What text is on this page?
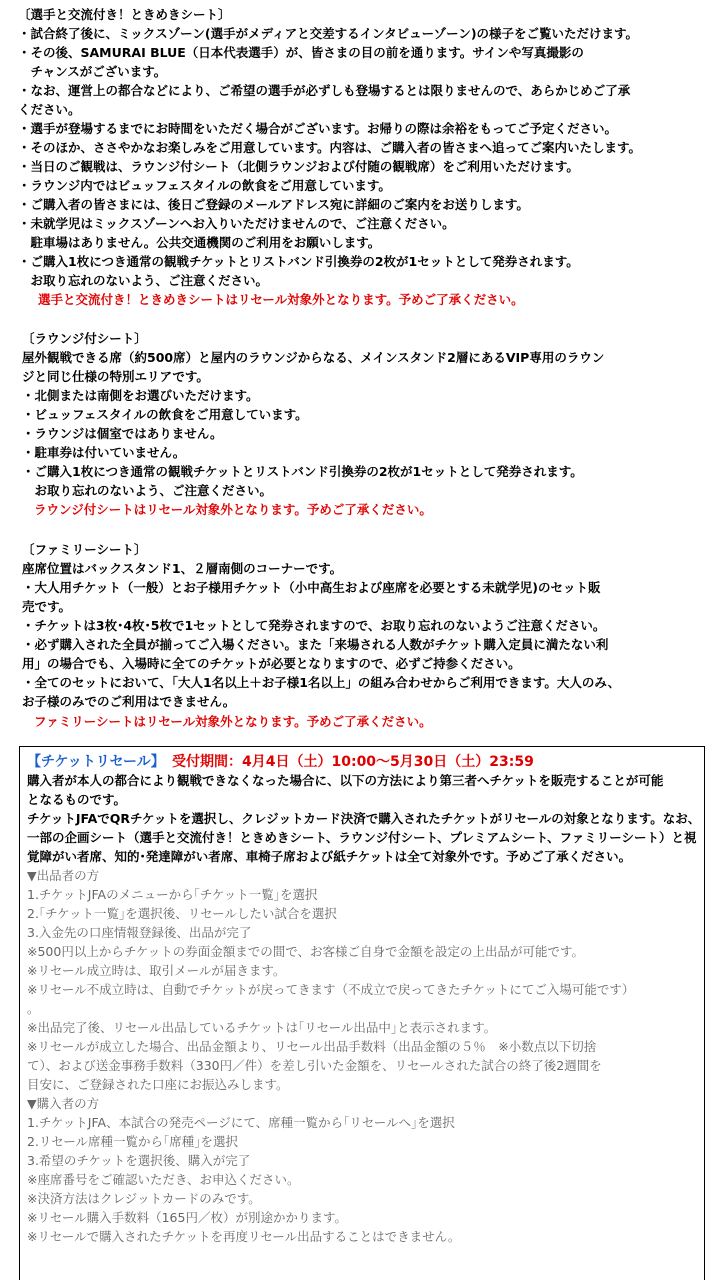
〔選手と交流付き！ときめきシート〕
・試合終了後に、ミックスゾーン(選手がメディアと交差するインタビューゾーン)の様子をご覧いただけます。
・その後、SAMURAI BLUE（日本代表選手）が、皆さまの目の前を通ります。サインや写真撮影の
　チャンスがございます。
・なお、運営上の都合などにより、ご希望の選手が必ずしも登場するとは限りませんので、あらかじめご了承
ください。
・選手が登場するまでにお時間をいただく場合がございます。お帰りの際は余裕をもってご予定ください。
・そのほか、ささやかなお楽しみをご用意しています。内容は、ご購入者の皆さまへ追ってご案内いたします。
・当日のご観戦は、ラウンジ付シート（北側ラウンジおよび付随の観戦席）をご利用いただけます。
・ラウンジ内ではビュッフェスタイルの飲食をご用意しています。
・ご購入者の皆さまには、後日ご登録のメールアドレス宛に詳細のご案内をお送りします。
・未就学児はミックスゾーンへお入りいただけませんので、ご注意ください。
　駐車場はありません。公共交通機関のご利用をお願いします。
・ご購入1枚につき通常の観戦チケットとリストバンド引換券の2枚が1セットとして発券されます。
　お取り忘れのないよう、ご注意ください。
選手と交流付き！ときめきシートはリセール対象外となります。予めご了承ください。
〔ラウンジ付シート〕
屋外観戦できる席（約500席）と屋内のラウンジからなる、メインスタンド2層にあるVIP専用のラウン
ジと同じ仕様の特別エリアです。
・北側または南側をお選びいただけます。
・ビュッフェスタイルの飲食をご用意しています。
・ラウンジは個室ではありません。
・駐車券は付いていません。
・ご購入1枚につき通常の観戦チケットとリストバンド引換券の2枚が1セットとして発券されます。
　お取り忘れのないよう、ご注意ください。
ラウンジ付シートはリセール対象外となります。予めご了承ください。
〔ファミリーシート〕
座席位置はバックスタンド1、２層南側のコーナーです。
・大人用チケット（一般）とお子様用チケット（小中高生および座席を必要とする未就学児)のセット販
売です。
・チケットは3枚･4枚･5枚で1セットとして発券されますので、お取り忘れのないようご注意ください。
・必ず購入された全員が揃ってご入場ください。また「来場される人数がチケット購入定員に満たない利
用」の場合でも、入場時に全てのチケットが必要となりますので、必ずご持参ください。
・全てのセットにおいて、「大人1名以上＋お子様1名以上」の組み合わせからご利用できます。大人のみ、
お子様のみでのご利用はできません。
ファミリーシートはリセール対象外となります。予めご了承ください。
【チケットリセール】 受付期間：4月4日（土）10:00～5月30日（土）23:59
購入者が本人の都合により観戦できなくなった場合に、以下の方法により第三者へチケットを販売することが可能
となるものです。
チケットJFAでQRチケットを選択し、クレジットカード決済で購入されたチケットがリセールの対象となります。なお、
一部の企画シート（選手と交流付き！ときめきシート、ラウンジ付シート、プレミアムシート、ファミリーシート）と視
覚障がい者席、知的･発達障がい者席、車椅子席および紙チケットは全て対象外です。予めご了承ください。
▼出品者の方
1.チケットJFAのメニューから｢チケット一覧｣を選択
2.｢チケット一覧｣を選択後、リセールしたい試合を選択
3.入金先の口座情報登録後、出品が完了
※500円以上からチケットの券面金額までの間で、お客様ご自身で金額を設定の上出品が可能です。
※リセール成立時は、取引メールが届きます。
※リセール不成立時は、自動でチケットが戻ってきます（不成立で戻ってきたチケットにてご入場可能です）
。
※出品完了後、リセール出品しているチケットは｢リセール出品中｣と表示されます。
※リセールが成立した場合、出品金額より、リセール出品手数料（出品金額の５％　※小数点以下切捨
て）、および送金事務手数料（330円／件）を差し引いた金額を、リセールされた試合の終了後2週間を
目安に、ご登録された口座にお振込みします。
▼購入者の方
1.チケットJFA、本試合の発売ページにて、席種一覧から｢リセールへ｣を選択
2.リセール席種一覧から｢席種｣を選択
3.希望のチケットを選択後、購入が完了
※座席番号をご確認いただき、お申込ください。
※決済方法はクレジットカードのみです。
※リセール購入手数料（165円／枚）が別途かかります。
※リセールで購入されたチケットを再度リセール出品することはできません。
